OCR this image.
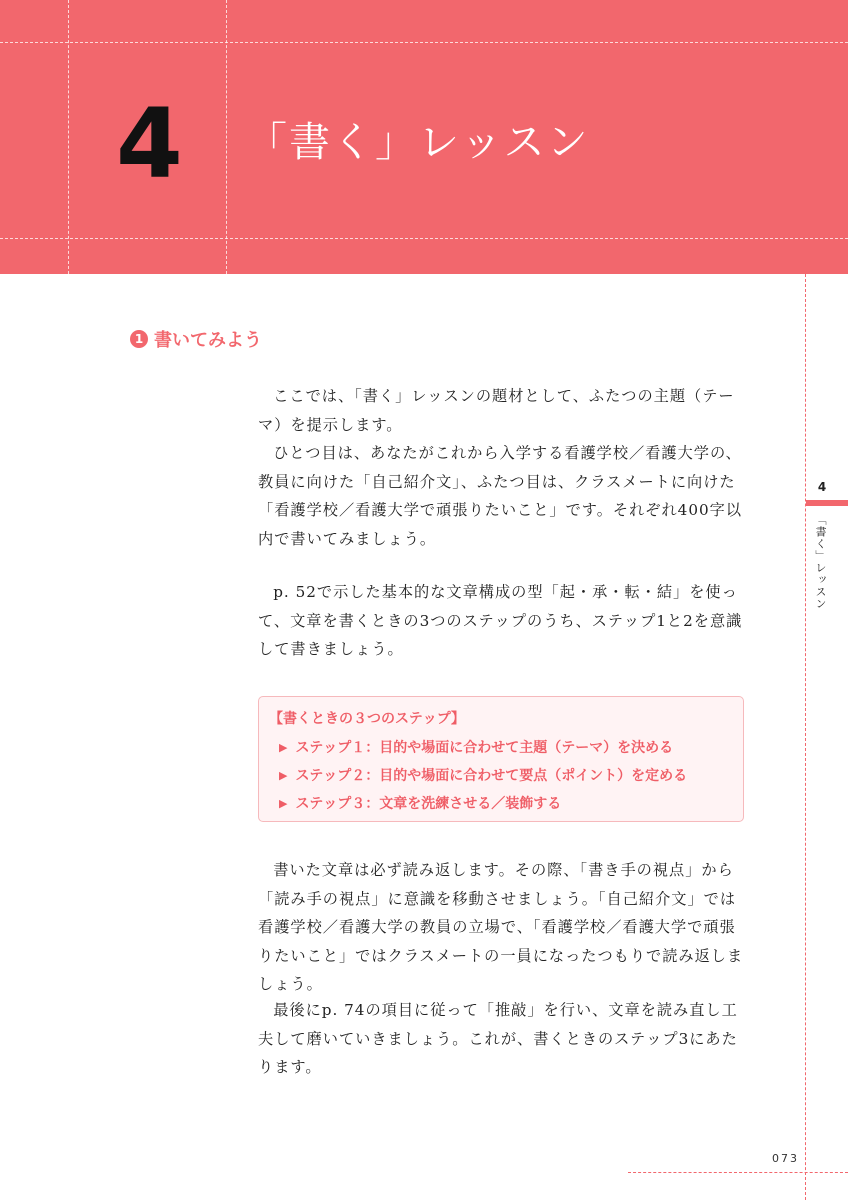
4 「書く」レッスン
4
「書く」レッスン
1 書いてみよう

ここでは、「書く」レッスンの題材として、ふたつの主題（テーマ）を提示します。

ひとつ目は、あなたがこれから入学する看護学校／看護大学の、教員に向けた「自己紹介文」、ふたつ目は、クラスメートに向けた「看護学校／看護大学で頑張りたいこと」です。それぞれ400字以内で書いてみましょう。

p. 52で示した基本的な文章構成の型「起・承・転・結」を使って、文章を書くときの3つのステップのうち、ステップ1と2を意識して書きましょう。

【書くときの３つのステップ】
▶ ステップ１：目的や場面に合わせて主題（テーマ）を決める
▶ ステップ２：目的や場面に合わせて要点（ポイント）を定める
▶ ステップ３：文章を洗練させる／装飾する

書いた文章は必ず読み返します。その際、「書き手の視点」から「読み手の視点」に意識を移動させましょう。「自己紹介文」では看護学校／看護大学の教員の立場で、「看護学校／看護大学で頑張りたいこと」ではクラスメートの一員になったつもりで読み返しましょう。

最後にp. 74の項目に従って「推敲」を行い、文章を読み直し工夫して磨いていきましょう。これが、書くときのステップ3にあたります。

073
